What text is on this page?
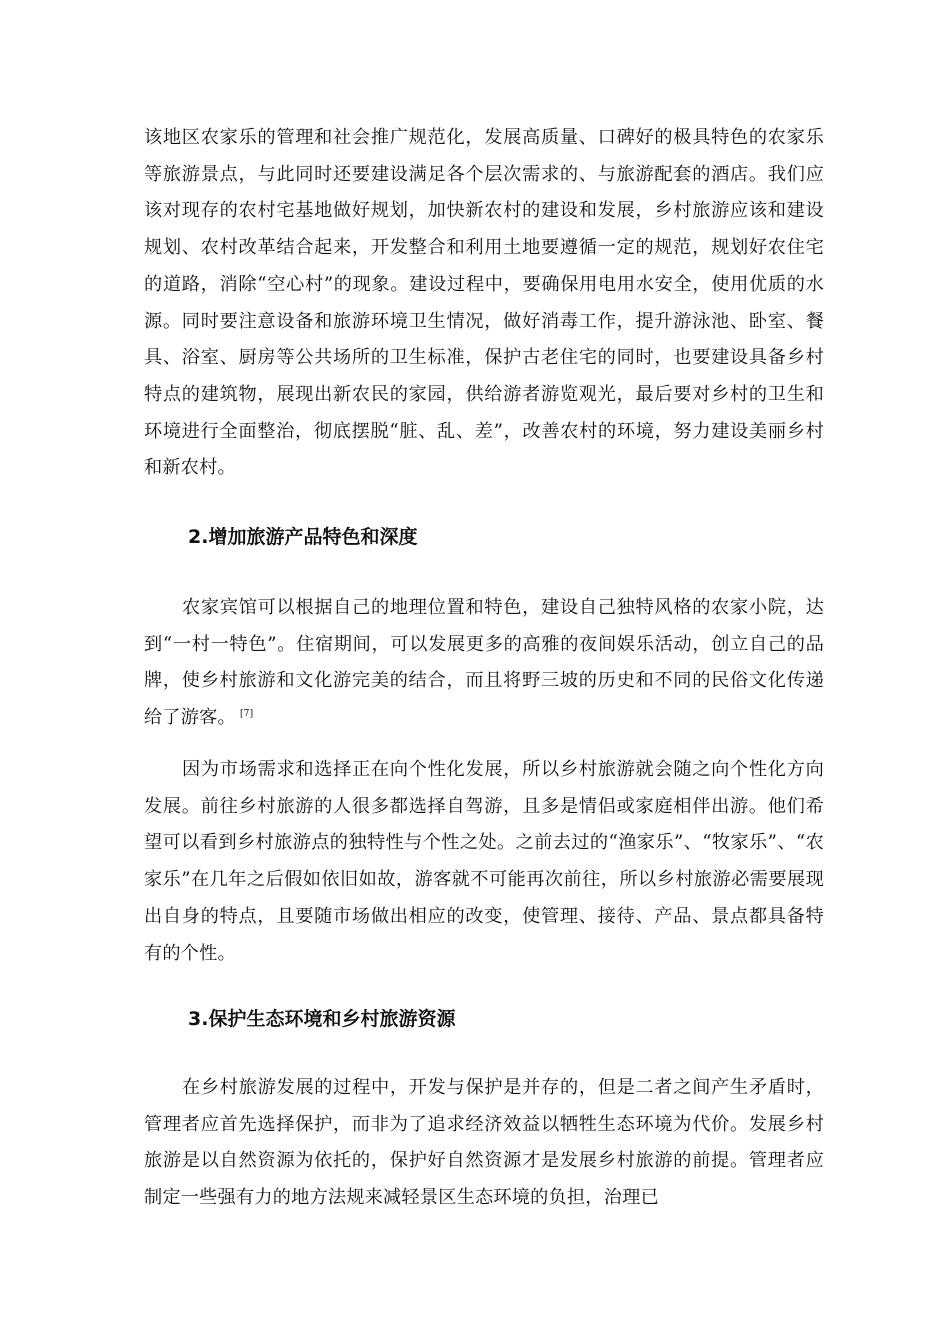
该地区农家乐的管理和社会推广规范化，发展高质量、口碑好的极具特色的农家乐等旅游景点，与此同时还要建设满足各个层次需求的、与旅游配套的酒店。我们应该对现存的农村宅基地做好规划，加快新农村的建设和发展，乡村旅游应该和建设规划、农村改革结合起来，开发整合和利用土地要遵循一定的规范，规划好农住宅的道路，消除“空心村”的现象。建设过程中，要确保用电用水安全，使用优质的水源。同时要注意设备和旅游环境卫生情况，做好消毒工作，提升游泳池、卧室、餐具、浴室、厨房等公共场所的卫生标准，保护古老住宅的同时，也要建设具备乡村特点的建筑物，展现出新农民的家园，供给游者游览观光，最后要对乡村的卫生和环境进行全面整治，彻底摆脱“脏、乱、差”，改善农村的环境，努力建设美丽乡村和新农村。

2.增加旅游产品特色和深度

农家宾馆可以根据自己的地理位置和特色，建设自己独特风格的农家小院，达到“一村一特色”。住宿期间，可以发展更多的高雅的夜间娱乐活动，创立自己的品牌，使乡村旅游和文化游完美的结合，而且将野三坡的历史和不同的民俗文化传递给了游客。 [7]

因为市场需求和选择正在向个性化发展，所以乡村旅游就会随之向个性化方向发展。前往乡村旅游的人很多都选择自驾游，且多是情侣或家庭相伴出游。他们希望可以看到乡村旅游点的独特性与个性之处。之前去过的“渔家乐”、“牧家乐”、“农家乐”在几年之后假如依旧如故，游客就不可能再次前往，所以乡村旅游必需要展现出自身的特点，且要随市场做出相应的改变，使管理、接待、产品、景点都具备特有的个性。

3.保护生态环境和乡村旅游资源

在乡村旅游发展的过程中，开发与保护是并存的，但是二者之间产生矛盾时，管理者应首先选择保护，而非为了追求经济效益以牺牲生态环境为代价。发展乡村旅游是以自然资源为依托的，保护好自然资源才是发展乡村旅游的前提。管理者应制定一些强有力的地方法规来减轻景区生态环境的负担，治理已
